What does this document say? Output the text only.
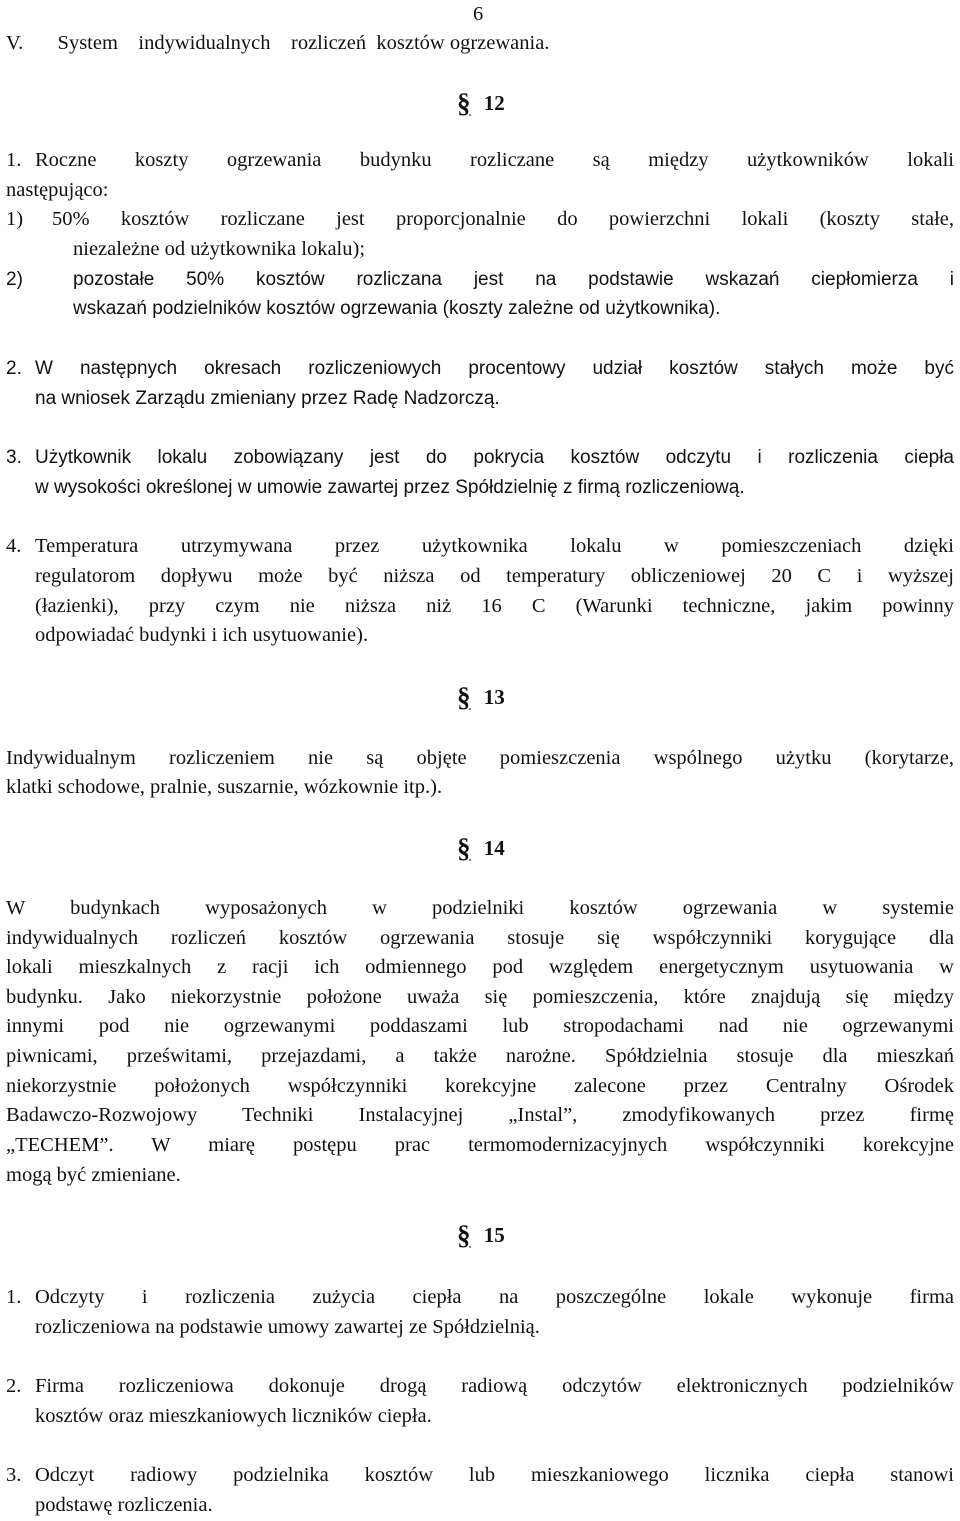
6
V. System    indywidualnych    rozliczeń  kosztów ogrzewania.
§ 12
1. Roczne koszty ogrzewania budynku rozliczane są między użytkowników lokali
następująco:
1) 50% kosztów rozliczane jest proporcjonalnie do powierzchni lokali (koszty stałe,
niezależne od użytkownika lokalu);
2)	pozostałe 50% kosztów rozliczana jest na podstawie wskazań ciepłomierza i
wskazań podzielników kosztów ogrzewania (koszty zależne od użytkownika).
2. W następnych okresach rozliczeniowych procentowy udział kosztów stałych może być
na wniosek Zarządu zmieniany przez Radę Nadzorczą.
3. Użytkownik lokalu zobowiązany jest do pokrycia kosztów odczytu i rozliczenia ciepła
w wysokości określonej w umowie zawartej przez Spółdzielnię z firmą rozliczeniową.
4. Temperatura utrzymywana przez użytkownika lokalu w pomieszczeniach dzięki
regulatorom dopływu może być niższa od temperatury obliczeniowej 20 C i wyższej
(łazienki), przy czym nie niższa niż 16 C (Warunki techniczne, jakim powinny
odpowiadać budynki i ich usytuowanie).
§ 13
Indywidualnym rozliczeniem nie są objęte pomieszczenia wspólnego użytku (korytarze,
klatki schodowe, pralnie, suszarnie, wózkownie itp.).
§ 14
W budynkach wyposażonych w podzielniki kosztów ogrzewania w systemie
indywidualnych rozliczeń kosztów ogrzewania stosuje się współczynniki korygujące dla
lokali mieszkalnych z racji ich odmiennego pod względem energetycznym usytuowania w
budynku. Jako niekorzystnie położone uważa się pomieszczenia, które znajdują się między
innymi pod nie ogrzewanymi poddaszami lub stropodachami nad nie ogrzewanymi
piwnicami, prześwitami, przejazdami, a także narożne. Spółdzielnia stosuje dla mieszkań
niekorzystnie położonych współczynniki korekcyjne zalecone przez Centralny Ośrodek
Badawczo-Rozwojowy Techniki Instalacyjnej „Instal”, zmodyfikowanych przez firmę
„TECHEM”. W miarę postępu prac termomodernizacyjnych współczynniki korekcyjne
mogą być zmieniane.
§ 15
1. Odczyty i rozliczenia zużycia ciepła na poszczególne lokale wykonuje firma
rozliczeniowa na podstawie umowy zawartej ze Spółdzielnią.
2. Firma rozliczeniowa dokonuje drogą radiową odczytów elektronicznych podzielników
kosztów oraz mieszkaniowych liczników ciepła.
3. Odczyt radiowy podzielnika kosztów lub mieszkaniowego licznika ciepła stanowi
podstawę rozliczenia.
